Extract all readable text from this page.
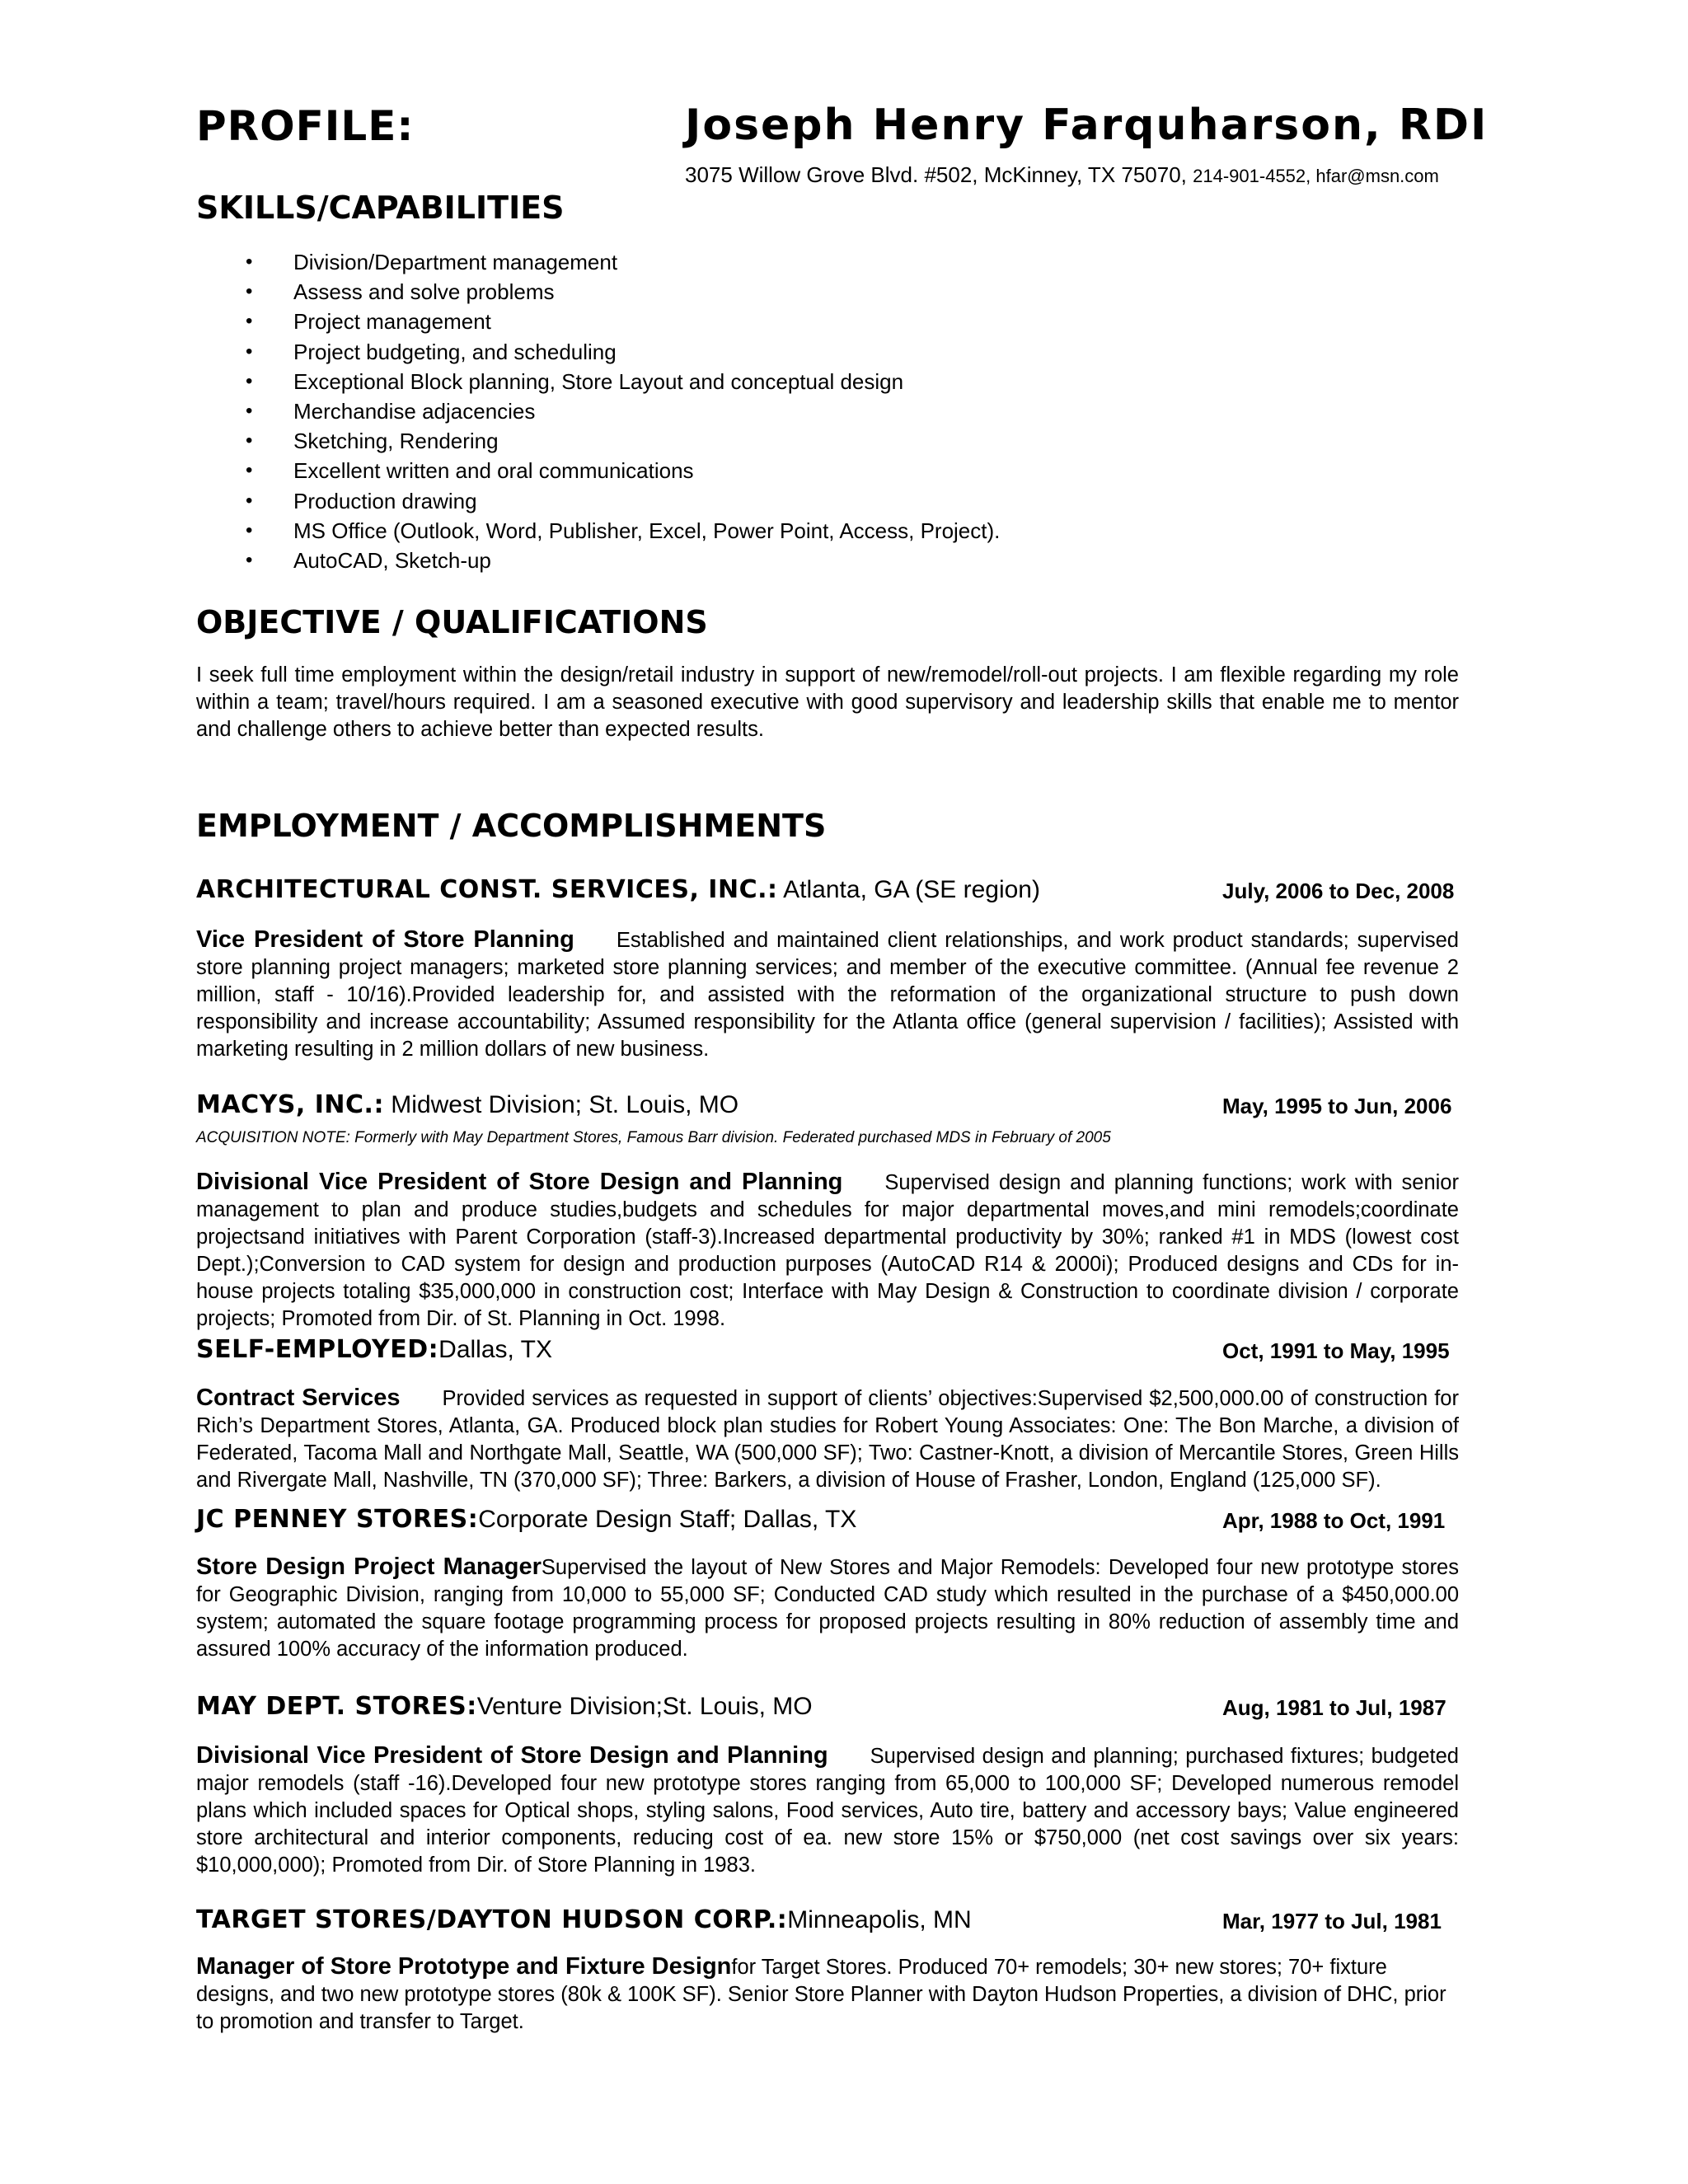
PROFILE:	Joseph Henry Farquharson, RDI
3075 Willow Grove Blvd. #502, McKinney, TX 75070, 214-901-4552, hfar@msn.com
SKILLS/CAPABILITIES
• Division/Department management
• Assess and solve problems
• Project management
• Project budgeting, and scheduling
• Exceptional Block planning, Store Layout and conceptual design
• Merchandise adjacencies
• Sketching, Rendering
• Excellent written and oral communications
• Production drawing
• MS Office (Outlook, Word, Publisher, Excel, Power Point, Access, Project).
• AutoCAD, Sketch-up
OBJECTIVE / QUALIFICATIONS
I seek full time employment within the design/retail industry in support of new/remodel/roll-out projects. I am flexible regarding my role within a team; travel/hours required. I am a seasoned executive with good supervisory and leadership skills that enable me to mentor and challenge others to achieve better than expected results.
EMPLOYMENT / ACCOMPLISHMENTS
ARCHITECTURAL CONST. SERVICES, INC.: Atlanta, GA (SE region)	July, 2006 to Dec, 2008
Vice President of Store Planning   Established and maintained client relationships, and work product standards; supervised store planning project managers; marketed store planning services; and member of the executive committee. (Annual fee revenue 2 million, staff - 10/16).Provided leadership for, and assisted with the reformation of the organizational structure to push down responsibility and increase accountability; Assumed responsibility for the Atlanta office (general supervision / facilities); Assisted with marketing resulting in 2 million dollars of new business.
MACYS, INC.: Midwest Division; St. Louis, MO	May, 1995 to Jun, 2006
ACQUISITION NOTE: Formerly with May Department Stores, Famous Barr division. Federated purchased MDS in February of 2005
Divisional Vice President of Store Design and Planning   Supervised design and planning functions; work with senior management to plan and produce studies,budgets and schedules for major departmental moves,and mini remodels;coordinate projectsand initiatives with Parent Corporation (staff-3).Increased departmental productivity by 30%; ranked #1 in MDS (lowest cost Dept.);Conversion to CAD system for design and production purposes (AutoCAD R14 & 2000i); Produced designs and CDs for in-house projects totaling $35,000,000 in construction cost; Interface with May Design & Construction to coordinate division / corporate projects; Promoted from Dir. of St. Planning in Oct. 1998.
SELF-EMPLOYED:Dallas, TX	Oct, 1991 to May, 1995
Contract Services   Provided services as requested in support of clients’ objectives:Supervised $2,500,000.00 of construction for Rich’s Department Stores, Atlanta, GA. Produced block plan studies for Robert Young Associates: One: The Bon Marche, a division of Federated, Tacoma Mall and Northgate Mall, Seattle, WA (500,000 SF); Two: Castner-Knott, a division of Mercantile Stores, Green Hills and Rivergate Mall, Nashville, TN (370,000 SF); Three: Barkers, a division of House of Frasher, London, England (125,000 SF).
JC PENNEY STORES:Corporate Design Staff; Dallas, TX	Apr, 1988 to Oct, 1991
Store Design Project ManagerSupervised the layout of New Stores and Major Remodels: Developed four new prototype stores for Geographic Division, ranging from 10,000 to 55,000 SF; Conducted CAD study which resulted in the purchase of a $450,000.00 system; automated the square footage programming process for proposed projects resulting in 80% reduction of assembly time and assured 100% accuracy of the information produced.
MAY DEPT. STORES:Venture Division;St. Louis, MO	Aug, 1981 to Jul, 1987
Divisional Vice President of Store Design and Planning   Supervised design and planning; purchased fixtures; budgeted major remodels (staff -16).Developed four new prototype stores ranging from 65,000 to 100,000 SF; Developed numerous remodel plans which included spaces for Optical shops, styling salons, Food services, Auto tire, battery and accessory bays; Value engineered store architectural and interior components, reducing cost of ea. new store 15% or $750,000 (net cost savings over six years: $10,000,000); Promoted from Dir. of Store Planning in 1983.
TARGET STORES/DAYTON HUDSON CORP.:Minneapolis, MN	Mar, 1977 to Jul, 1981
Manager of Store Prototype and Fixture Designfor Target Stores. Produced 70+ remodels; 30+ new stores; 70+ fixture designs, and two new prototype stores (80k & 100K SF). Senior Store Planner with Dayton Hudson Properties, a division of DHC, prior to promotion and transfer to Target.
